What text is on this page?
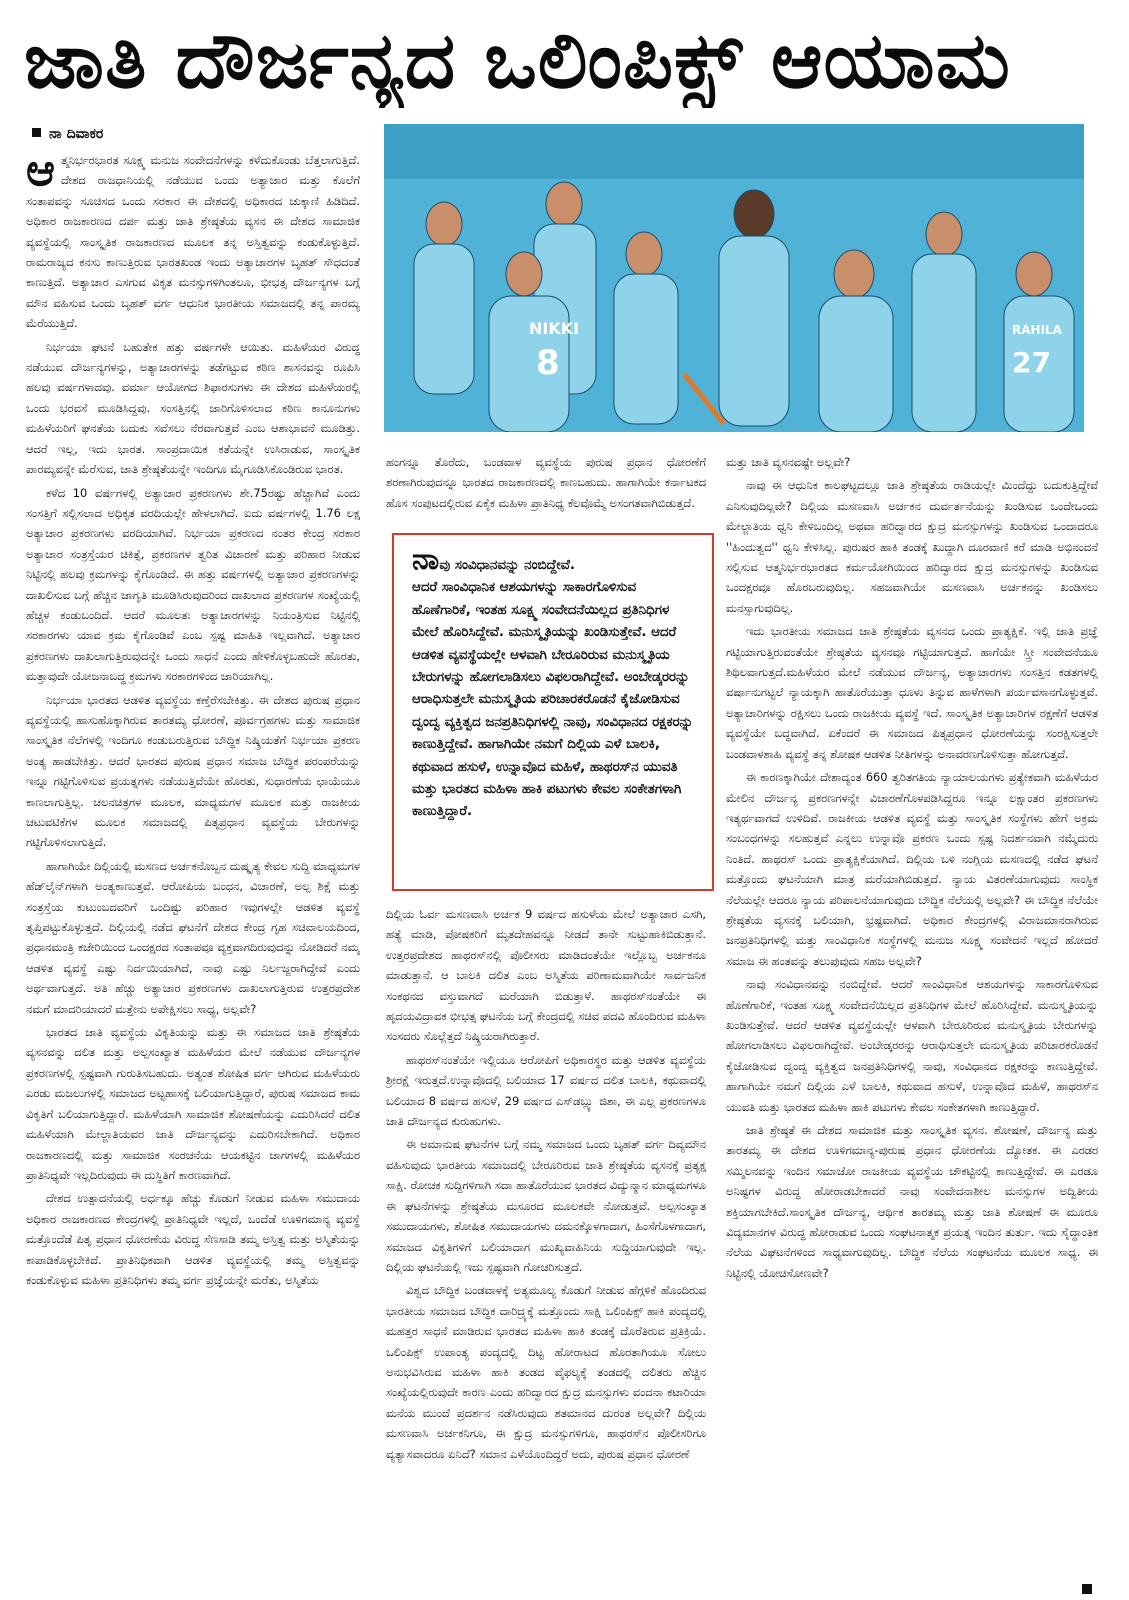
ಜಾತಿ ದೌರ್ಜನ್ಯದ ಒಲಿಂಪಿಕ್ಸ್ ಆಯಾಮ
ನಾ ದಿವಾಕರ

ಆತ್ಮನಿರ್ಭರಭಾರತ ಸೂಕ್ಷ್ಮ ಮನುಜ ಸಂವೇದನೆಗಳನ್ನು ಕಳೆದುಕೊಂಡು ಬೆತ್ತಲಾಗುತ್ತಿದೆ. ದೇಶದ ರಾಜಧಾನಿಯಲ್ಲಿ ನಡೆಯುವ ಒಂದು ಅತ್ಯಾಚಾರ ಮತ್ತು ಕೊಲೆಗೆ ಸಂತಾಪವನ್ನು ಸೂಚಿಸದ ಒಂದು ಸರಕಾರ ಈ ದೇಶದಲ್ಲಿ ಅಧಿಕಾರದ ಚುಕ್ಕಾಣಿ ಹಿಡಿದಿದೆ. ಅಧಿಕಾರ ರಾಜಕಾರಣದ ದರ್ಪ ಮತ್ತು ಜಾತಿ ಶ್ರೇಷ್ಠತೆಯ ವ್ಯಸನ ಈ ದೇಶದ ಸಾಮಾಜಿಕ ವ್ಯವಸ್ಥೆಯಲ್ಲಿ ಸಾಂಸ್ಕೃತಿಕ ರಾಜಕಾರಣದ ಮೂಲಕ ತನ್ನ ಅಸ್ತಿತ್ವವನ್ನು ಕಂಡುಕೊಳ್ಳುತ್ತಿದೆ. ರಾಮರಾಜ್ಯದ ಕನಸು ಕಾಣುತ್ತಿರುವ ಭಾರತಖಂಡ ಇಂದು ಅತ್ಯಾಚಾರಗಳ ಬೃಹತ್ ಸೌಧದಂತೆ ಕಾಣುತ್ತಿದೆ. ಅತ್ಯಾಚಾರ ಎಸಗುವ ವಿಕೃತ ಮನಸ್ಸುಗಳಿಗಿಂತಲೂ, ಭೀಭತ್ಸ ದೌರ್ಜನ್ಯಗಳ ಬಗ್ಗೆ ಮೌನ ವಹಿಸುವ ಒಂದು ಬೃಹತ್ ವರ್ಗ ಆಧುನಿಕ ಭಾರತೀಯ ಸಮಾಜದಲ್ಲಿ ತನ್ನ ಪಾರಮ್ಯ ಮೆರೆಯುತ್ತಿದೆ.

ನಿರ್ಭಯಾ ಘಟನೆ ಬಹುತೇಕ ಹತ್ತು ವರ್ಷಗಳೇ ಆಯಿತು. ಮಹಿಳೆಯರ ವಿರುದ್ಧ ನಡೆಯುವ ದೌರ್ಜನ್ಯಗಳನ್ನು, ಅತ್ಯಾಚಾರಗಳನ್ನು ತಡೆಗಟ್ಟುವ ಕಠಿಣ ಶಾಸನವನ್ನು ರೂಪಿಸಿ ಹಲವು ವರ್ಷಗಳಾದವು. ವರ್ಮಾ ಆಯೋಗದ ಶಿಫಾರಸುಗಳು ಈ ದೇಶದ ಮಹಿಳೆಯರಲ್ಲಿ ಒಂದು ಭರವಸೆ ಮೂಡಿಸಿದ್ದವು. ಸಂಸತ್ತಿನಲ್ಲಿ ಜಾರಿಗೊಳಿಸಲಾದ ಕಠಿಣ ಕಾನೂನುಗಳು ಮಹಿಳೆಯರಿಗೆ ಘನತೆಯ ಬದುಕು ಸವೆಸಲು ನೆರವಾಗುತ್ತವೆ ಎಂಬ ಆಶಾಭಾವನೆ ಮೂಡಿತ್ತು. ಆದರೆ ಇಲ್ಲ, ಇದು ಭಾರತ. ಸಾಂಪ್ರದಾಯಿಕ ಕತೆಯನ್ನೇ ಉಸಿರಾಡುವ, ಸಾಂಸ್ಕೃತಿಕ ಪಾರಮ್ಯವನ್ನೇ ಮೆರೆಸುವ, ಜಾತಿ ಶ್ರೇಷ್ಠತೆಯನ್ನೇ ಇಂದಿಗೂ ಮೈಗೂಡಿಸಿಕೊಂಡಿರುವ ಭಾರತ.

ಕಳೆದ 10 ವರ್ಷಗಳಲ್ಲಿ ಅತ್ಯಾಚಾರ ಪ್ರಕರಣಗಳು ಶೇ.75ರಷ್ಟು ಹೆಚ್ಚಾಗಿವೆ ಎಂದು ಸಂಸತ್ತಿಗೆ ಸಲ್ಲಿಸಲಾದ ಅಧಿಕೃತ ವರದಿಯಲ್ಲೇ ಹೇಳಲಾಗಿದೆ. ಐದು ವರ್ಷಗಳಲ್ಲಿ 1.76 ಲಕ್ಷ ಅತ್ಯಾಚಾರ ಪ್ರಕರಣಗಳು ವರದಿಯಾಗಿವೆ. ನಿರ್ಭಯಾ ಪ್ರಕರಣದ ನಂತರ ಕೇಂದ್ರ ಸರಕಾರ ಅತ್ಯಾಚಾರ ಸಂತ್ರಸ್ತೆಯರ ಚಿಕಿತ್ಸೆ, ಪ್ರಕರಣಗಳ ತ್ವರಿತ ವಿಚಾರಣೆ ಮತ್ತು ಪರಿಹಾರ ನೀಡುವ ನಿಟ್ಟಿನಲ್ಲಿ ಹಲವು ಕ್ರಮಗಳನ್ನು ಕೈಗೊಂಡಿದೆ. ಈ ಹತ್ತು ವರ್ಷಗಳಲ್ಲಿ ಅತ್ಯಾಚಾರ ಪ್ರಕರಣಗಳನ್ನು ದಾಖಲಿಸುವ ಬಗ್ಗೆ ಹೆಚ್ಚಿನ ಜಾಗೃತಿ ಮೂಡಿಸಿರುವುದರಿಂದ ದಾಖಲಾದ ಪ್ರಕರಣಗಳ ಸಂಖ್ಯೆಯಲ್ಲಿ ಹೆಚ್ಚಳ ಕಂಡುಬಂದಿದೆ. ಆದರೆ ಮೂಲತಃ ಅತ್ಯಾಚಾರಗಳನ್ನು ನಿಯಂತ್ರಿಸುವ ನಿಟ್ಟಿನಲ್ಲಿ ಸರಕಾರಗಳು ಯಾವ ಕ್ರಮ ಕೈಗೊಂಡಿವೆ ಎಂಬ ಸ್ಪಷ್ಟ ಮಾಹಿತಿ ಇಲ್ಲವಾಗಿದೆ. ಅತ್ಯಾಚಾರ ಪ್ರಕರಣಗಳು ದಾಖಲಾಗುತ್ತಿರುವುದನ್ನೇ ಒಂದು ಸಾಧನೆ ಎಂದು ಹೇಳಿಕೊಳ್ಳಬಹುದೇ ಹೊರತು, ಮತ್ತಾವುದೇ ಯೋಜನಾಬದ್ಧ ಕ್ರಮಗಳು ಸರಕಾರಗಳಿಂದ ಜಾರಿಯಾಗಿಲ್ಲ.

ನಿರ್ಭಯಾ ಭಾರತದ ಆಡಳಿತ ವ್ಯವಸ್ಥೆಯ ಕಣ್ತೆರೆಸಬೇಕಿತ್ತು. ಈ ದೇಶದ ಪುರುಷ ಪ್ರಧಾನ ವ್ಯವಸ್ಥೆಯಲ್ಲಿ ಹಾಸುಹೊಕ್ಕಾಗಿರುವ ತಾರತಮ್ಯ ಧೋರಣೆ, ಪೂರ್ವಗ್ರಹಗಳು ಮತ್ತು ಸಾಮಾಜಿಕ ಸಾಂಸ್ಕೃತಿಕ ನೆಲೆಗಳಲ್ಲಿ ಇಂದಿಗೂ ಕಂಡುಬರುತ್ತಿರುವ ಬೌದ್ಧಿಕ ನಿಷ್ಕ್ರಿಯತೆಗೆ ನಿರ್ಭಯಾ ಪ್ರಕರಣ ಅಂತ್ಯ ಹಾಡಬೇಕಿತ್ತು. ಆದರೆ ಭಾರತದ ಪುರುಷ ಪ್ರಧಾನ ಸಮಾಜ ಬೌದ್ಧಿಕ ಪರಂಪರೆಯನ್ನು ಇನ್ನೂ ಗಟ್ಟಿಗೊಳಿಸುವ ಪ್ರಯತ್ನಗಳು ನಡೆಯುತ್ತಿವೆಯೇ ಹೊರತು, ಸುಧಾರಣೆಯ ಛಾಯೆಯೂ ಕಾಣಲಾಗುತ್ತಿಲ್ಲ. ಚಲನಚಿತ್ರಗಳ ಮೂಲಕ, ಮಾಧ್ಯಮಗಳ ಮೂಲಕ ಮತ್ತು ರಾಜಕೀಯ ಚಟುವಟಿಕೆಗಳ ಮೂಲಕ ಸಮಾಜದಲ್ಲಿ ಪಿತೃಪ್ರಧಾನ ವ್ಯವಸ್ಥೆಯ ಬೇರುಗಳನ್ನು ಗಟ್ಟಿಗೊಳಿಸಲಾಗುತ್ತಿದೆ.

ಹಾಗಾಗಿಯೇ ದಿಲ್ಲಿಯಲ್ಲಿ ಮಸಣದ ಅರ್ಚಕನೊಬ್ಬನ ದುಷ್ಕೃತ್ಯ ಕೇವಲ ಸುದ್ದಿ ಮಾಧ್ಯಮಗಳ ಹೆಡ್‌ಲೈನ್‌ಗಳಾಗಿ ಅಂತ್ಯಕಾಣುತ್ತವೆ. ಆರೋಪಿಯ ಬಂಧನ, ವಿಚಾರಣೆ, ಅಲ್ಪ ಶಿಕ್ಷೆ ಮತ್ತು ಸಂತ್ರಸ್ತೆಯ ಕುಟುಂಬದವರಿಗೆ ಒಂದಿಷ್ಟು ಪರಿಹಾರ ಇವುಗಳಲ್ಲೇ ಆಡಳಿತ ವ್ಯವಸ್ಥೆ ತೃಪ್ತಿಪಟ್ಟುಕೊಳ್ಳುತ್ತದೆ. ದಿಲ್ಲಿಯಲ್ಲಿ ನಡೆದ ಘಟನೆಗೆ ದೇಶದ ಕೇಂದ್ರ ಗೃಹ ಸಚಿವಾಲಯದಿಂದ, ಪ್ರಧಾನಮಂತ್ರಿ ಕಚೇರಿಯಿಂದ ಒಂದಕ್ಷರದ ಸಂತಾಪವೂ ವ್ಯಕ್ತವಾಗದಿರುವುದನ್ನು ನೋಡಿದರೆ ನಮ್ಮ ಆಡಳಿತ ವ್ಯವಸ್ಥೆ ಎಷ್ಟು ನಿರ್ದಯಿಯಾಗಿದೆ, ನಾವು ಎಷ್ಟು ನಿರ್ಲಜ್ಜರಾಗಿದ್ದೇವೆ ಎಂದು ಅರ್ಥವಾಗುತ್ತದೆ. ಅತಿ ಹೆಚ್ಚು ಅತ್ಯಾಚಾರ ಪ್ರಕರಣಗಳು ದಾಖಲಾಗುತ್ತಿರುವ ಉತ್ತರಪ್ರದೇಶ ನಮಗೆ ಮಾದರಿಯಾದರೆ ಮತ್ತೇನು ಅಪೇಕ್ಷಿಸಲು ಸಾಧ್ಯ, ಅಲ್ಲವೇ?

ಭಾರತದ ಜಾತಿ ವ್ಯವಸ್ಥೆಯ ವಿಕೃತಿಯನ್ನು ಮತ್ತು ಈ ಸಮಾಜದ ಜಾತಿ ಶ್ರೇಷ್ಠತೆಯ ವ್ಯಸನವನ್ನು ದಲಿತ ಮತ್ತು ಅಲ್ಪಸಂಖ್ಯಾತ ಮಹಿಳೆಯರ ಮೇಲೆ ನಡೆಯುವ ದೌರ್ಜನ್ಯಗಳ ಪ್ರಕರಣಗಳಲ್ಲಿ ಸ್ಪಷ್ಟವಾಗಿ ಗುರುತಿಸಬಹುದು. ಅತ್ಯಂತ ಶೋಷಿತ ವರ್ಗ ಆಗಿರುವ ಮಹಿಳೆಯರು ಎರಡು ಮಜಲುಗಳಲ್ಲಿ ಸಮಾಜದ ಅಟ್ಟಹಾಸಕ್ಕೆ ಬಲಿಯಾಗುತ್ತಿದ್ದಾರೆ, ಪುರುಷ ಸಮಾಜದ ಕಾಮ ವಿಕೃತಿಗೆ ಬಲಿಯಾಗುತ್ತಿದ್ದಾರೆ. ಮಹಿಳೆಯಾಗಿ ಸಾಮಾಜಿಕ ಶೋಷಣೆಯನ್ನು ಎದುರಿಸಿದರೆ ದಲಿತ ಮಹಿಳೆಯಾಗಿ ಮೇಲ್ಜಾತಿಯವರ ಜಾತಿ ದೌರ್ಜನ್ಯವನ್ನು ಎದುರಿಸಬೇಕಾಗಿದೆ. ಅಧಿಕಾರ ರಾಜಕಾರಣದಲ್ಲಿ ಮತ್ತು ಸಾಮಾಜಿಕ ಸಂರಚನೆಯ ಆಯಕಟ್ಟಿನ ಜಾಗಗಳಲ್ಲಿ ಮಹಿಳೆಯರ ಪ್ರಾತಿನಿಧ್ಯವೇ ಇಲ್ಲದಿರುವುದು ಈ ದುಸ್ಥಿತಿಗೆ ಕಾರಣವಾಗಿದೆ.

ದೇಶದ ಉತ್ಪಾದನೆಯಲ್ಲಿ ಅರ್ಧಕ್ಕೂ ಹೆಚ್ಚು ಕೊಡುಗೆ ನೀಡುವ ಮಹಿಳಾ ಸಮುದಾಯ ಅಧಿಕಾರ ರಾಜಕಾರಣದ ಕೇಂದ್ರಗಳಲ್ಲಿ ಪ್ರಾತಿನಿಧ್ಯವೇ ಇಲ್ಲದೆ, ಒಂದೆಡೆ ಊಳಿಗಮಾನ್ಯ ವ್ಯವಸ್ಥೆ ಮತ್ತೊಂದೆಡೆ ಪಿತೃ ಪ್ರಧಾನ ಧೋರಣೆಯ ವಿರುದ್ಧ ಸೆಣಸಾಡಿ ತಮ್ಮ ಅಸ್ತಿತ್ವ ಮತ್ತು ಅಸ್ಮಿತೆಯನ್ನು ಕಾಪಾಡಿಕೊಳ್ಳಬೇಕಿದೆ. ಪ್ರಾತಿನಿಧಿಕವಾಗಿ ಆಡಳಿತ ವ್ಯವಸ್ಥೆಯಲ್ಲಿ ತಮ್ಮ ಅಸ್ತಿತ್ವವನ್ನು ಕಂಡುಕೊಳ್ಳುವ ಮಹಿಳಾ ಪ್ರತಿನಿಧಿಗಳು ತಮ್ಮ ವರ್ಗ ಪ್ರಜ್ಞೆಯನ್ನೇ ಮರೆತು, ಅಸ್ಮಿತೆಯ

NIKKI
8
RAHILA
27

ಹಂಗನ್ನೂ ತೊರೆದು, ಬಂಡವಾಳ ವ್ಯವಸ್ಥೆಯ ಪುರುಷ ಪ್ರಧಾನ ಧೋರಣೆಗೆ ಶರಣಾಗಿರುವುದನ್ನೂ ಭಾರತದ ರಾಜಕಾರಣದಲ್ಲಿ ಕಾಣಬಹುದು. ಹಾಗಾಗಿಯೇ ಕರ್ನಾಟಕದ ಹೊಸ ಸಂಪುಟದಲ್ಲಿರುವ ಏಕೈಕ ಮಹಿಳಾ ಪ್ರಾತಿನಿಧ್ಯ ಕೆಲವೊಮ್ಮೆ ಅಸಂಗತವಾಗಿಬಿಡುತ್ತದೆ.

ನಾವು ಸಂವಿಧಾನವನ್ನು ನಂಬಿದ್ದೇವೆ.
ಆದರೆ ಸಾಂವಿಧಾನಿಕ ಆಶಯಗಳನ್ನು ಸಾಕಾರಗೊಳಿಸುವ ಹೊಣೆಗಾರಿಕೆ, ಇಂತಹ ಸೂಕ್ಷ್ಮ ಸಂವೇದನೆಯಿಲ್ಲದ ಪ್ರತಿನಿಧಿಗಳ ಮೇಲೆ ಹೊರಿಸಿದ್ದೇವೆ. ಮನುಸ್ಮೃತಿಯನ್ನು ಖಂಡಿಸುತ್ತೇವೆ. ಆದರೆ ಆಡಳಿತ ವ್ಯವಸ್ಥೆಯಲ್ಲೇ ಆಳವಾಗಿ ಬೇರೂರಿರುವ ಮನುಸ್ಮೃತಿಯ ಬೇರುಗಳನ್ನು ಹೋಗಲಾಡಿಸಲು ವಿಫಲರಾಗಿದ್ದೇವೆ. ಅಂಬೇಡ್ಕರರನ್ನು ಆರಾಧಿಸುತ್ತಲೇ ಮನುಸ್ಮೃತಿಯ ಪರಿಚಾರಕರೊಡನೆ ಕೈಜೋಡಿಸುವ ದ್ವಂದ್ವ ವ್ಯಕ್ತಿತ್ವದ ಜನಪ್ರತಿನಿಧಿಗಳಲ್ಲಿ ನಾವು, ಸಂವಿಧಾನದ ರಕ್ಷಕರನ್ನು ಕಾಣುತ್ತಿದ್ದೇವೆ. ಹಾಗಾಗಿಯೇ ನಮಗೆ ದಿಲ್ಲಿಯ ಎಳೆ ಬಾಲಕಿ, ಕಥುವಾದ ಹಸುಳೆ, ಉನ್ನಾವೊದ ಮಹಿಳೆ, ಹಾಥರಸ್‌ನ ಯುವತಿ ಮತ್ತು ಭಾರತದ ಮಹಿಳಾ ಹಾಕಿ ಪಟುಗಳು ಕೇವಲ ಸಂಕೇತಗಳಾಗಿ ಕಾಣುತ್ತಿದ್ದಾರೆ.

ದಿಲ್ಲಿಯ ಓರ್ವ ಮಸಣವಾಸಿ ಅರ್ಚಕ 9 ವರ್ಷದ ಹಸುಳೆಯ ಮೇಲೆ ಅತ್ಯಾಚಾರ ಎಸಗಿ, ಹತ್ಯೆ ಮಾಡಿ, ಪೋಷಕರಿಗೆ ಮೃತದೇಹವನ್ನೂ ನೀಡದೆ ತಾನೇ ಸುಟ್ಟುಹಾಕಿಬಿಡುತ್ತಾನೆ. ಉತ್ತರಪ್ರದೇಶದ ಹಾಥರಸ್‌ನಲ್ಲಿ ಪೊಲೀಸರು ಮಾಡಿದಂತೆಯೇ ಇಲ್ಲೊಬ್ಬ ಅರ್ಚಕನೂ ಮಾಡುತ್ತಾನೆ. ಆ ಬಾಲಕಿ ದಲಿತ ಎಂಬ ಅಸ್ಮಿತೆಯ ಪರಿಣಾಮವಾಗಿಯೇ ಸಾರ್ವಜನಿಕ ಸಂಕಥನದ ವಸ್ತುವಾಗದೆ ಮರೆಯಾಗಿ ಬಿಡುತ್ತಾಳೆ. ಹಾಥರಸ್‌ನಂತೆಯೇ ಈ ಹೃದಯವಿದ್ರಾವಕ ಭೀಭತ್ಸ ಘಟನೆಯ ಬಗ್ಗೆ ಕೇಂದ್ರದಲ್ಲಿ ಸಚಿವ ಪದವಿ ಹೊಂದಿರುವ ಮಹಿಳಾ ಸಂಸದರು ಸೊಲ್ಲೆತ್ತದೆ ನಿಷ್ಕ್ರಿಯರಾಗಿರುತ್ತಾರೆ.

ಹಾಥರಸ್‌ನಂತೆಯೇ ಇಲ್ಲಿಯೂ ಆರೋಪಿಗೆ ಅಧಿಕಾರಸ್ಥರ ಮತ್ತು ಆಡಳಿತ ವ್ಯವಸ್ಥೆಯ ಶ್ರೀರಕ್ಷೆ ಇರುತ್ತದೆ.ಉನ್ನಾವೊದಲ್ಲಿ ಬಲಿಯಾದ 17 ವರ್ಷದ ದಲಿತ ಬಾಲಕಿ, ಕಥುವಾದಲ್ಲಿ ಬಲಿಯಾದ 8 ವರ್ಷದ ಹಸುಳೆ, 29 ವರ್ಷದ ಎಸ್‌ಡಬ್ಲ್ಯು ಜಿಶಾ, ಈ ಎಲ್ಲ ಪ್ರಕರಣಗಳೂ ಜಾತಿ ದೌರ್ಜನ್ಯದ ಕುರುಹುಗಳು.

ಈ ಅಮಾನುಷ ಘಟನೆಗಳ ಬಗ್ಗೆ ನಮ್ಮ ಸಮಾಜದ ಒಂದು ಬೃಹತ್ ವರ್ಗ ದಿವ್ಯಮೌನ ವಹಿಸುವುದು ಭಾರತೀಯ ಸಮಾಜದಲ್ಲಿ ಬೇರೂರಿರುವ ಜಾತಿ ಶ್ರೇಷ್ಠತೆಯ ವ್ಯಸನಕ್ಕೆ ಪ್ರತ್ಯಕ್ಷ ಸಾಕ್ಷಿ. ರೋಚಕ ಸುದ್ದಿಗಳಿಗಾಗಿ ಸದಾ ಹಾತೊರೆಯುವ ಭಾರತದ ವಿದ್ಯುನ್ಮಾನ ಮಾಧ್ಯಮಗಳೂ ಈ ಘಟನೆಗಳನ್ನು ಶ್ರೇಷ್ಠತೆಯ ಮಸೂರದ ಮೂಲಕವೇ ನೋಡುತ್ತವೆ. ಅಲ್ಪಸಂಖ್ಯಾತ ಸಮುದಾಯಗಳು, ಶೋಷಿತ ಸಮುದಾಯಗಳು ದಮನಕ್ಕೊಳಗಾದಾಗ, ಹಿಂಸೆಗೊಳಗಾದಾಗ, ಸಮಾಜದ ವಿಕೃತಿಗಳಿಗೆ ಬಲಿಯಾದಾಗ ಮುಖ್ಯವಾಹಿನಿಯ ಸುದ್ದಿಯಾಗುವುದೇ ಇಲ್ಲ. ದಿಲ್ಲಿಯ ಘಟನೆಯಲ್ಲಿ ಇದು ಸ್ಪಷ್ಟವಾಗಿ ಗೋಚರಿಸುತ್ತದೆ.

ವಿಶ್ವದ ಬೌದ್ಧಿಕ ಬಂಡವಾಳಕ್ಕೆ ಅತ್ಯಮೂಲ್ಯ ಕೊಡುಗೆ ನೀಡುವ ಹೆಗ್ಗಳಿಕೆ ಹೊಂದಿರುವ ಭಾರತೀಯ ಸಮಾಜದ ಬೌದ್ಧಿಕ ದಾರಿದ್ರ್ಯಕ್ಕೆ ಮತ್ತೊಂದು ಸಾಕ್ಷಿ ಒಲಿಂಪಿಕ್ಸ್ ಹಾಕಿ ಪಂದ್ಯದಲ್ಲಿ ಮಹತ್ತರ ಸಾಧನೆ ಮಾಡಿರುವ ಭಾರತದ ಮಹಿಳಾ ಹಾಕಿ ತಂಡಕ್ಕೆ ದೊರೆತಿರುವ ಪ್ರತಿಕ್ರಿಯೆ. ಒಲಿಂಪಿಕ್ಸ್ ಉಪಾಂತ್ಯ ಪಂದ್ಯದಲ್ಲಿ ದಿಟ್ಟ ಹೋರಾಟದ ಹೊರತಾಗಿಯೂ ಸೋಲು ಅನುಭವಿಸಿರುವ ಮಹಿಳಾ ಹಾಕಿ ತಂಡದ ವೈಫಲ್ಯಕ್ಕೆ ತಂಡದಲ್ಲಿ ದಲಿತರು ಹೆಚ್ಚಿನ ಸಂಖ್ಯೆಯಲ್ಲಿರುವುದೇ ಕಾರಣ ಎಂದು ಹರಿದ್ವಾರದ ಕ್ಷುದ್ರ ಮನಸ್ಸುಗಳು ವಂದನಾ ಕಟಾರಿಯಾ ಮನೆಯ ಮುಂದೆ ಪ್ರದರ್ಶನ ನಡೆಸಿರುವುದು ಶತಮಾನದ ದುರಂತ ಅಲ್ಲವೇ? ದಿಲ್ಲಿಯ ಮಸಣವಾಸಿ ಅರ್ಚಕನಿಗೂ, ಈ ಕ್ಷುದ್ರ ಮನಸ್ಸುಗಳಿಗೂ, ಹಾಥರಸ್‌ನ ಪೊಲೀಸರಿಗೂ ವ್ಯತ್ಯಾಸವಾದರೂ ಏನಿದೆ? ಸಮಾನ ಎಳೆಯೊಂದಿದ್ದರೆ ಅದು, ಪುರುಷ ಪ್ರಧಾನ ಧೋರಣೆ

ಮತ್ತು ಜಾತಿ ವ್ಯಸನವಷ್ಟೇ ಅಲ್ಲವೇ?

ನಾವು ಈ ಆಧುನಿಕ ಕಾಲಘಟ್ಟದಲ್ಲೂ ಜಾತಿ ಶ್ರೇಷ್ಠತೆಯ ರಾಡಿಯಲ್ಲೇ ಮಿಂದೆದ್ದು ಬದುಕುತ್ತಿದ್ದೇವೆ ಎನಿಸುವುದಿಲ್ಲವೇ? ದಿಲ್ಲಿಯ ಮಸಣವಾಸಿ ಅರ್ಚಕನ ದುರ್ವರ್ತನೆಯನ್ನು ಖಂಡಿಸುವ ಒಂದೇಒಂದು ಮೇಲ್ಜಾತಿಯ ಧ್ವನಿ ಕೇಳಿಬಂದಿಲ್ಲ ಅಥವಾ ಹರಿದ್ವಾರದ ಕ್ಷುದ್ರ ಮನಸ್ಸುಗಳನ್ನು ಖಂಡಿಸುವ ಒಂದಾದರೂ ''ಹಿಂದುತ್ವದ'' ಧ್ವನಿ ಕೇಳಿಸಿಲ್ಲ. ಪುರುಷರ ಹಾಕಿ ತಂಡಕ್ಕೆ ಖುದ್ದಾಗಿ ದೂರವಾಣಿ ಕರೆ ಮಾಡಿ ಅಭಿನಂದನೆ ಸಲ್ಲಿಸುವ ಆತ್ಮನಿರ್ಭರಭಾರತದ ಕರ್ಮಯೋಗಿಯಿಂದ ಹರಿದ್ವಾರದ ಕ್ಷುದ್ರ ಮನಸ್ಸುಗಳನ್ನು ಖಂಡಿಸುವ ಒಂದಕ್ಷರವೂ ಹೊರಬರುವುದಿಲ್ಲ. ಸಹಜವಾಗಿಯೇ ಮಸಣವಾಸಿ ಅರ್ಚಕನನ್ನು ಖಂಡಿಸಲು ಮನಸ್ಸಾಗುವುದಿಲ್ಲ.

ಇದು ಭಾರತೀಯ ಸಮಾಜದ ಜಾತಿ ಶ್ರೇಷ್ಠತೆಯ ವ್ಯಸನದ ಒಂದು ಪ್ರಾತ್ಯಕ್ಷಿಕೆ. ಇಲ್ಲಿ ಜಾತಿ ಪ್ರಜ್ಞೆ ಗಟ್ಟಿಯಾಗುತ್ತಿರುವಂತೆಯೇ ಶ್ರೇಷ್ಠತೆಯ ವ್ಯಸನವೂ ಗಟ್ಟಿಯಾಗುತ್ತದೆ. ಹಾಗೆಯೇ ಸ್ತ್ರೀ ಸಂವೇದನೆಯೂ ಶಿಥಿಲವಾಗುತ್ತದೆ.ಮಹಿಳೆಯರ ಮೇಲೆ ನಡೆಯುವ ದೌರ್ಜನ್ಯ, ಅತ್ಯಾಚಾರಗಳು ಸಂಸತ್ತಿನ ಕಡತಗಳಲ್ಲಿ ವರ್ಷಾನುಗಟ್ಟಲೆ ನ್ಯಾಯಕ್ಕಾಗಿ ಹಾತೊರೆಯುತ್ತಾ ಧೂಳು ತಿನ್ನುವ ಹಾಳೆಗಳಾಗಿ ಪರ್ಯವಸಾನಗೊಳ್ಳುತ್ತವೆ. ಅತ್ಯಾಚಾರಿಗಳನ್ನು ರಕ್ಷಿಸಲು ಒಂದು ರಾಜಕೀಯ ವ್ಯವಸ್ಥೆ ಇದೆ. ಸಾಂಸ್ಕೃತಿಕ ಅತ್ಯಾಚಾರಿಗಳ ರಕ್ಷಣೆಗೆ ಆಡಳಿತ ವ್ಯವಸ್ಥೆಯೇ ಬದ್ಧವಾಗಿದೆ. ಏಕೆಂದರೆ ಈ ಸಮಾಜದ ಪಿತೃಪ್ರಧಾನ ಧೋರಣೆಯನ್ನು ಸಂರಕ್ಷಿಸುತ್ತಲೇ ಬಂಡವಾಳಶಾಹಿ ವ್ಯವಸ್ಥೆ ತನ್ನ ಶೋಷಕ ಆಡಳಿತ ನೀತಿಗಳನ್ನು ಅನಾವರಣಗೊಳಿಸುತ್ತಾ ಹೋಗುತ್ತದೆ.

ಈ ಕಾರಣಕ್ಕಾಗಿಯೇ ದೇಶಾದ್ಯಂತ 660 ತ್ವರಿತಗತಿಯ ನ್ಯಾಯಾಲಯಗಳು ಪ್ರತ್ಯೇಕವಾಗಿ ಮಹಿಳೆಯರ ಮೇಲಿನ ದೌರ್ಜನ್ಯ ಪ್ರಕರಣಗಳನ್ನೇ ವಿಚಾರಣೆಗೊಳಪಡಿಸಿದ್ದರೂ ಇನ್ನೂ ಲಕ್ಷಾಂತರ ಪ್ರಕರಣಗಳು ಇತ್ಯರ್ಥವಾಗದೆ ಉಳಿದಿವೆ. ರಾಜಕೀಯ ಆಡಳಿತ ವ್ಯವಸ್ಥೆ ಮತ್ತು ಸಾಂಸ್ಕೃತಿಕ ಸಂಸ್ಥೆಗಳು ಹೇಗೆ ಅಕ್ರಮ ಸಂಬಂಧಗಳನ್ನು ಸಲಹುತ್ತವೆ ಎನ್ನಲು ಉನ್ನಾವೊ ಪ್ರಕರಣ ಒಂದು ಸ್ಪಷ್ಟ ನಿದರ್ಶನವಾಗಿ ನಮ್ಮೆದುರು ನಿಂತಿದೆ. ಹಾಥರಸ್ ಒಂದು ಪ್ರಾತ್ಯಕ್ಷಿಕೆಯಾಗಿದೆ. ದಿಲ್ಲಿಯ ಬಳಿ ನಂಗ್ಲಿಯ ಮಸಣದಲ್ಲಿ ನಡೆದ ಘಟನೆ ಮತ್ತೊಂದು ಘಟನೆಯಾಗಿ ಮಾತ್ರ ಮರೆಯಾಗಿಬಿಡುತ್ತದೆ. ನ್ಯಾಯ ವಿತರಣೆಯಾಗುವುದು ಸಾಂಸ್ಥಿಕ ನೆಲೆಯಲ್ಲೇ ಆದರೂ ನ್ಯಾಯ ಪರಿಪಾಲನೆಯಾಗುವುದು ಬೌದ್ಧಿಕ ನೆಲೆಯಲ್ಲಿ ಅಲ್ಲವೇ? ಈ ಬೌದ್ಧಿಕ ನೆಲೆಯೇ ಶ್ರೇಷ್ಠತೆಯ ವ್ಯಸನಕ್ಕೆ ಬಲಿಯಾಗಿ, ಭ್ರಷ್ಟವಾಗಿದೆ. ಅಧಿಕಾರ ಕೇಂದ್ರಗಳಲ್ಲಿ ವಿರಾಜಮಾನರಾಗಿರುವ ಜನಪ್ರತಿನಿಧಿಗಳಲ್ಲಿ ಮತ್ತು ಸಾಂವಿಧಾನಿಕ ಸಂಸ್ಥೆಗಳಲ್ಲಿ ಮನುಜ ಸೂಕ್ಷ್ಮ ಸಂವೇದನೆ ಇಲ್ಲದೆ ಹೋದರೆ ಸಮಾಜ ಈ ಹಂತವನ್ನು ತಲುಪುವುದು ಸಹಜ ಅಲ್ಲವೇ?

ನಾವು ಸಂವಿಧಾನವನ್ನು ನಂಬಿದ್ದೇವೆ. ಆದರೆ ಸಾಂವಿಧಾನಿಕ ಆಶಯಗಳನ್ನು ಸಾಕಾರಗೊಳಿಸುವ ಹೊಣೆಗಾರಿಕೆ, ಇಂತಹ ಸೂಕ್ಷ್ಮ ಸಂವೇದನೆಯಿಲ್ಲದ ಪ್ರತಿನಿಧಿಗಳ ಮೇಲೆ ಹೊರಿಸಿದ್ದೇವೆ. ಮನುಸ್ಮೃತಿಯನ್ನು ಖಂಡಿಸುತ್ತೇವೆ. ಆದರೆ ಆಡಳಿತ ವ್ಯವಸ್ಥೆಯಲ್ಲೇ ಆಳವಾಗಿ ಬೇರೂರಿರುವ ಮನುಸ್ಮೃತಿಯ ಬೇರುಗಳನ್ನು ಹೋಗಲಾಡಿಸಲು ವಿಫಲರಾಗಿದ್ದೇವೆ. ಅಂಬೇಡ್ಕರರನ್ನು ಆರಾಧಿಸುತ್ತಲೇ ಮನುಸ್ಮೃತಿಯ ಪರಿಚಾರಕರೊಡನೆ ಕೈಜೋಡಿಸುವ ದ್ವಂದ್ವ ವ್ಯಕ್ತಿತ್ವದ ಜನಪ್ರತಿನಿಧಿಗಳಲ್ಲಿ ನಾವು, ಸಂವಿಧಾನದ ರಕ್ಷಕರನ್ನು ಕಾಣುತ್ತಿದ್ದೇವೆ. ಹಾಗಾಗಿಯೇ ನಮಗೆ ದಿಲ್ಲಿಯ ಎಳೆ ಬಾಲಕಿ, ಕಥುವಾದ ಹಸುಳೆ, ಉನ್ನಾವೊದ ಮಹಿಳೆ, ಹಾಥರಸ್‌ನ ಯುವತಿ ಮತ್ತು ಭಾರತದ ಮಹಿಳಾ ಹಾಕಿ ಪಟುಗಳು ಕೇವಲ ಸಂಕೇತಗಳಾಗಿ ಕಾಣುತ್ತಿದ್ದಾರೆ.

ಜಾತಿ ಶ್ರೇಷ್ಠತೆ ಈ ದೇಶದ ಸಾಮಾಜಿಕ ಮತ್ತು ಸಾಂಸ್ಕೃತಿಕ ವ್ಯಸನ. ಶೋಷಣೆ, ದೌರ್ಜನ್ಯ ಮತ್ತು ತಾರತಮ್ಯ ಈ ದೇಶದ ಊಳಿಗಮಾನ್ಯ-ಪುರುಷ ಪ್ರಧಾನ ಧೋರಣೆಯ ದ್ಯೋತಕ. ಈ ಎರಡರ ಸಮ್ಮಿಲನವನ್ನು ಇಂದಿನ ಸಮಾಜೋ ರಾಜಕೀಯ ವ್ಯವಸ್ಥೆಯ ಚೌಕಟ್ಟಿನಲ್ಲಿ ಕಾಣುತ್ತಿದ್ದೇವೆ. ಈ ಎರಡೂ ಅನಿಷ್ಟಗಳ ವಿರುದ್ಧ ಹೋರಾಡಬೇಕಾದರೆ ನಾವು ಸಂವೇದನಾಶೀಲ ಮನಸ್ಸುಗಳ ಅದ್ವಿತೀಯ ಶಕ್ತಿಯಾಗಬೇಕಿದೆ.ಸಾಂಸ್ಕೃತಿಕ ದೌರ್ಜನ್ಯ, ಆರ್ಥಿಕ ತಾರತಮ್ಯ ಮತ್ತು ಜಾತಿ ಶೋಷಣೆ ಈ ಮೂರೂ ವಿದ್ಯಮಾನಗಳ ವಿರುದ್ಧ ಹೋರಾಡುವ ಒಂದು ಸಂಘಟನಾತ್ಮಕ ಪ್ರಯತ್ನ ಇಂದಿನ ತುರ್ತು. ಇದು ಸೈದ್ಧಾಂತಿಕ ನೆಲೆಯ ವಿಘಟನೆಗಳಿಂದ ಸಾಧ್ಯವಾಗುವುದಿಲ್ಲ. ಬೌದ್ಧಿಕ ನೆಲೆಯ ಸಂಘಟನೆಯ ಮೂಲಕ ಸಾಧ್ಯ. ಈ ನಿಟ್ಟಿನಲ್ಲಿ ಯೋಚಿಸೋಣವೇ?
